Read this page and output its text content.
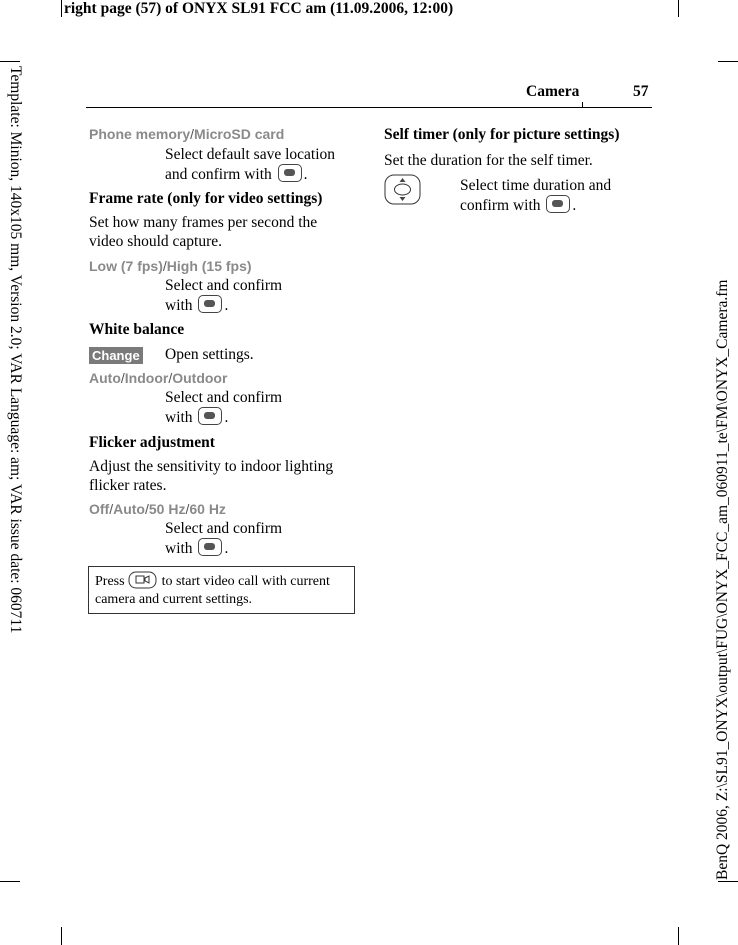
right page (57) of ONYX SL91 FCC am (11.09.2006, 12:00)
Template: Minion, 140x105 mm, Version 2.0; VAR Language: am; VAR issue date: 060711	BenQ 2006, Z:\SL91_ONYX\output\FUG\ONYX_FCC_am_060911_te\FM\ONYX_Camera.fm
Camera	57
Phone memory/MicroSD card
Select default save location
and confirm with .
Frame rate (only for video settings)
Set how many frames per second the
video should capture.
Low (7 fps)/High (15 fps)
Select and confirm
with .
White balance
Change Open settings.
Auto/Indoor/Outdoor
Select and confirm
with .
Flicker adjustment
Adjust the sensitivity to indoor lighting
flicker rates.
Off/Auto/50 Hz/60 Hz
Select and confirm
with .
Press	to start video call with current
camera and current settings.
Self timer (only for picture settings)
Set the duration for the self timer.
Select time duration and
confirm with .
